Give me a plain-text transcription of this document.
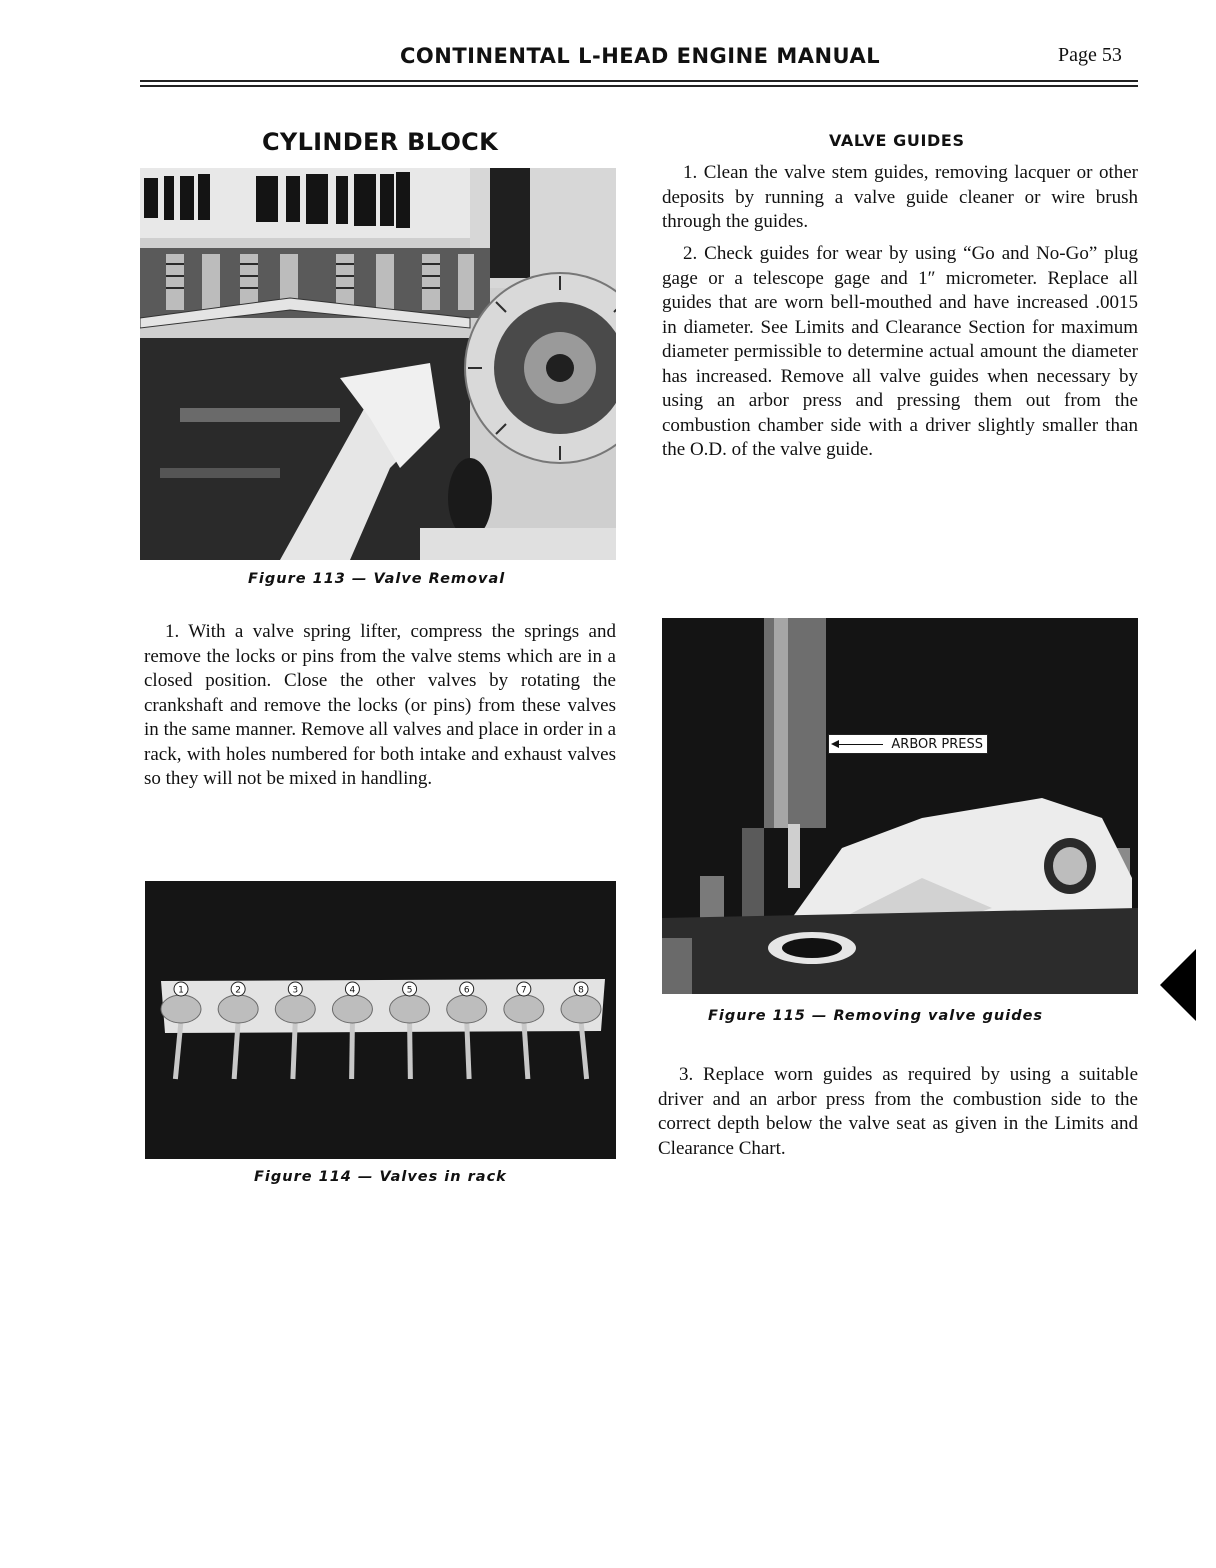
CONTINENTAL L-HEAD ENGINE MANUAL	Page 53
CYLINDER BLOCK
Figure 113 — Valve Removal

1. With a valve spring lifter, compress the springs and remove the locks or pins from the valve stems which are in a closed position. Close the other valves by rotating the crankshaft and remove the locks (or pins) from these valves in the same manner. Remove all valves and place in order in a rack, with holes numbered for both intake and exhaust valves so they will not be mixed in handling.

1	2	3	4	5	6	7	8
Figure 114 — Valves in rack
VALVE GUIDES

1. Clean the valve stem guides, removing lacquer or other deposits by running a valve guide cleaner or wire brush through the guides.

2. Check guides for wear by using “Go and No-Go” plug gage or a telescope gage and 1″ micrometer. Replace all guides that are worn bell-mouthed and have increased .0015 in diameter. See Limits and Clearance Section for maximum diameter permissible to determine actual amount the diameter has increased. Remove all valve guides when necessary by using an arbor press and pressing them out from the combustion chamber side with a driver slightly smaller than the O.D. of the valve guide.

ARBOR PRESS
Figure 115 — Removing valve guides

3. Replace worn guides as required by using a suitable driver and an arbor press from the combustion side to the correct depth below the valve seat as given in the Limits and Clearance Chart.
